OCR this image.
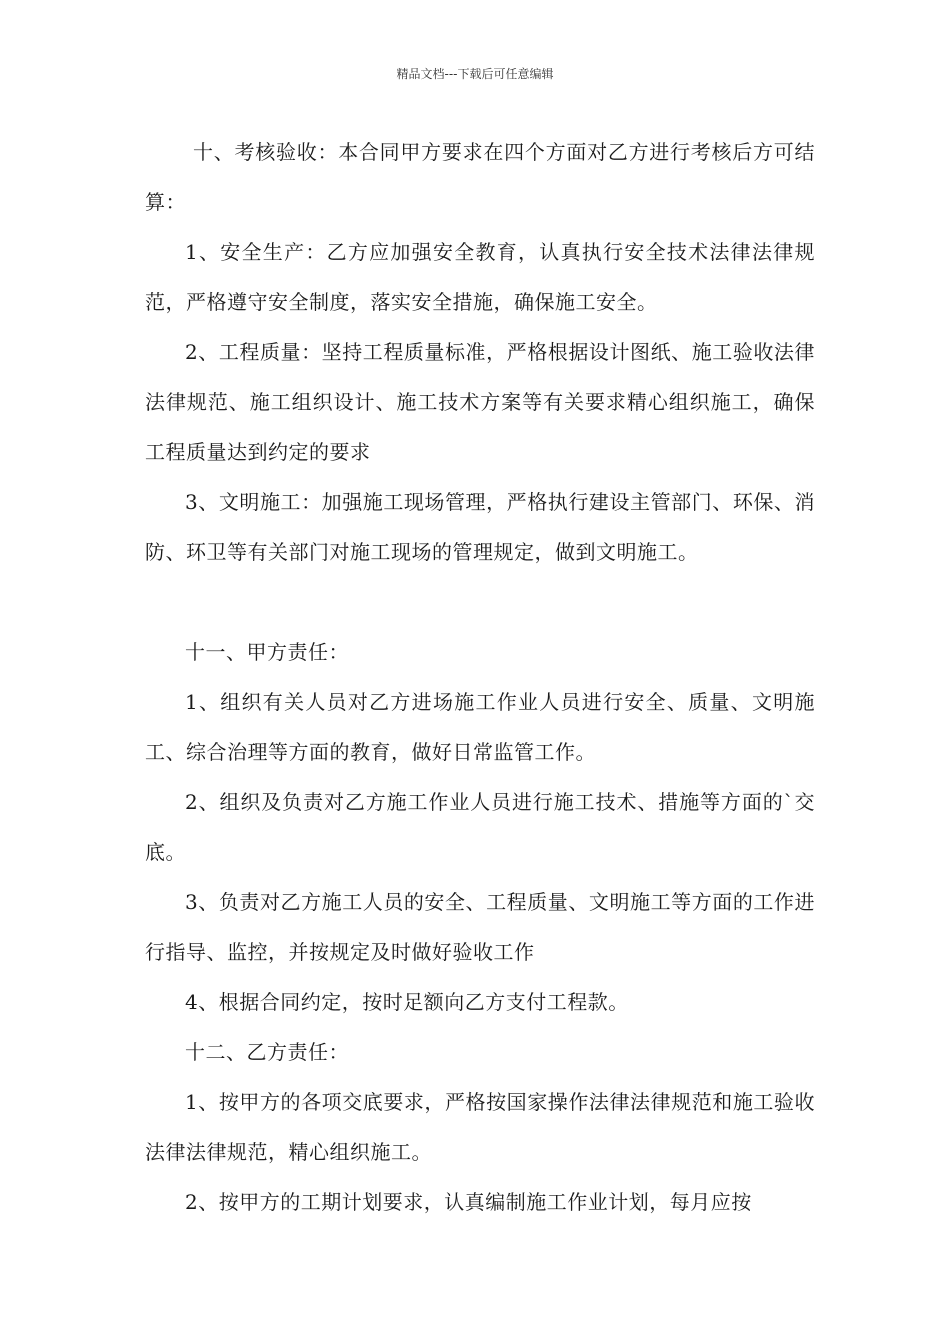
精品文档---下载后可任意编辑

十、考核验收：本合同甲方要求在四个方面对乙方进行考核后方可结算：

1、安全生产：乙方应加强安全教育，认真执行安全技术法律法律规范，严格遵守安全制度，落实安全措施，确保施工安全。

2、工程质量：坚持工程质量标准，严格根据设计图纸、施工验收法律法律规范、施工组织设计、施工技术方案等有关要求精心组织施工，确保工程质量达到约定的要求

3、文明施工：加强施工现场管理，严格执行建设主管部门、环保、消防、环卫等有关部门对施工现场的管理规定，做到文明施工。

十一、甲方责任：

1、组织有关人员对乙方进场施工作业人员进行安全、质量、文明施工、综合治理等方面的教育，做好日常监管工作。

2、组织及负责对乙方施工作业人员进行施工技术、措施等方面的`交底。

3、负责对乙方施工人员的安全、工程质量、文明施工等方面的工作进行指导、监控，并按规定及时做好验收工作

4、根据合同约定，按时足额向乙方支付工程款。

十二、乙方责任：

1、按甲方的各项交底要求，严格按国家操作法律法律规范和施工验收法律法律规范，精心组织施工。

2、按甲方的工期计划要求，认真编制施工作业计划，每月应按
